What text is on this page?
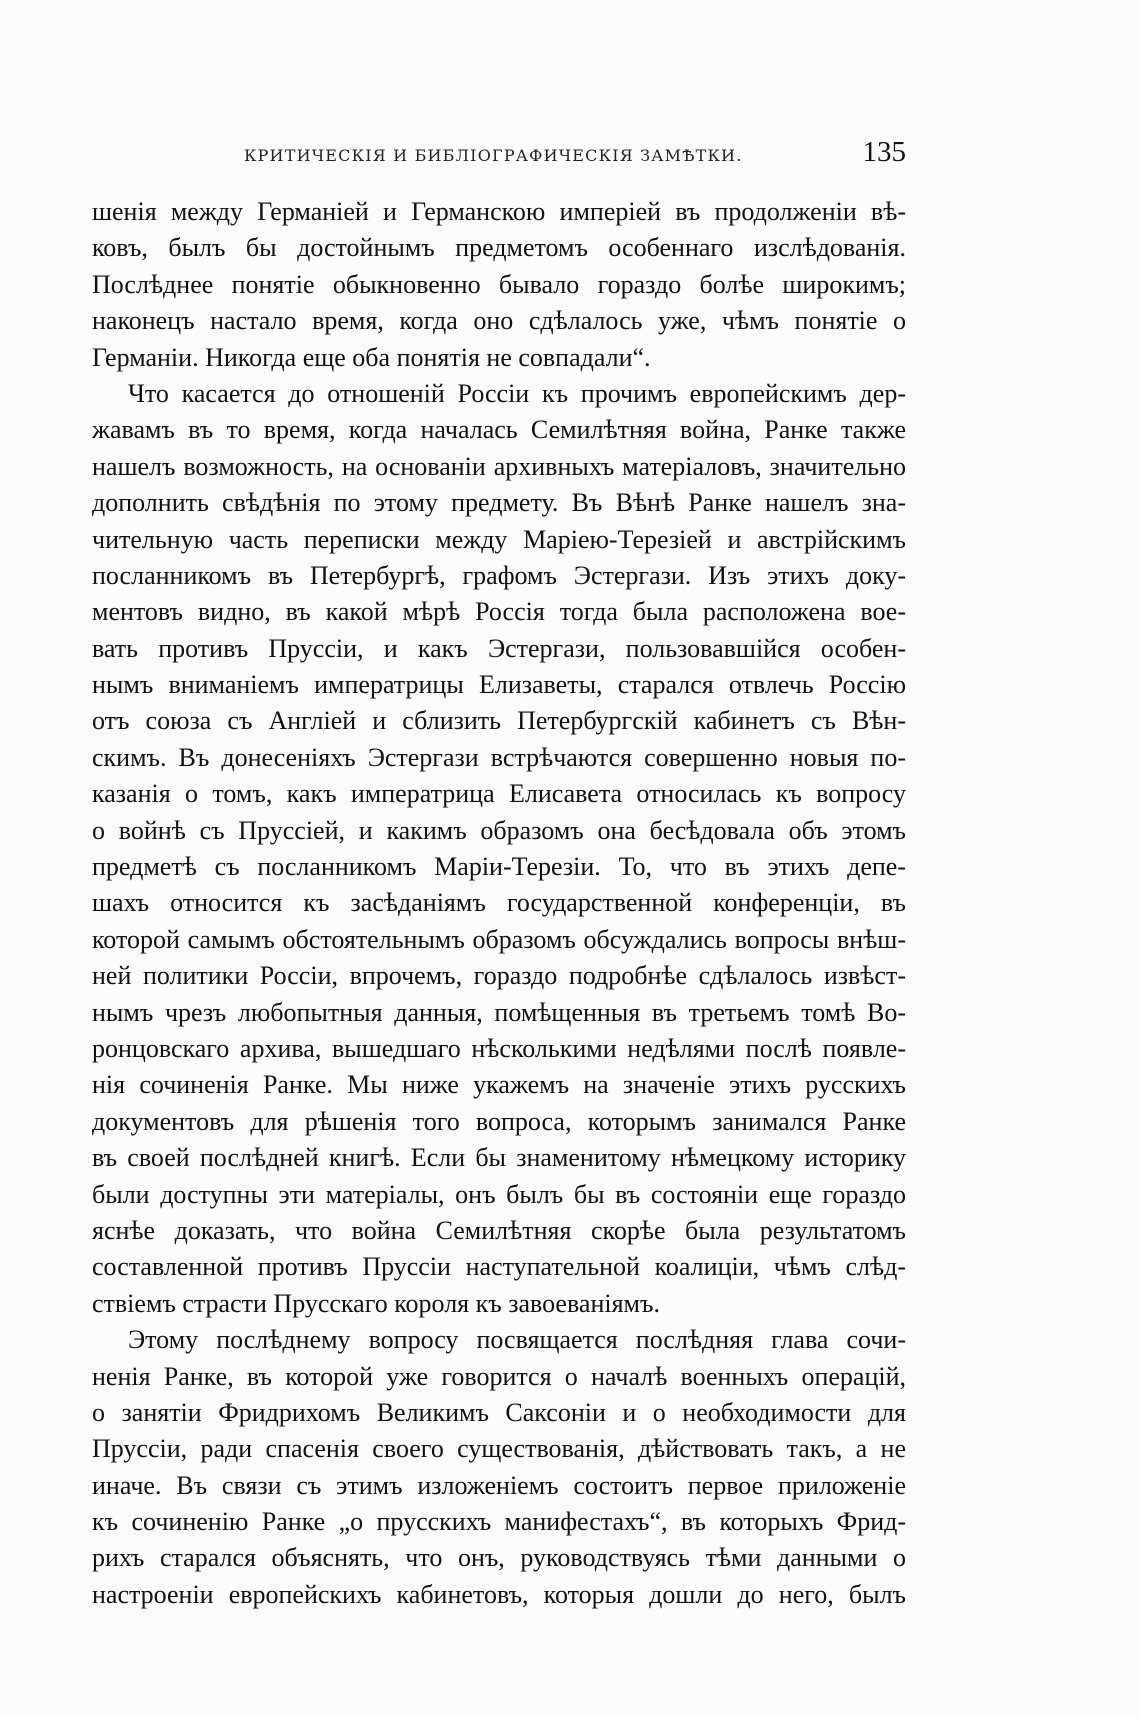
КРИТИЧЕСКІЯ И БИБЛІОГРАФИЧЕСКІЯ ЗАМѢТКИ.	135
шенія между Германіей и Германскою имперіей въ продолженіи вѣ-
ковъ, былъ бы достойнымъ предметомъ особеннаго изслѣдованія.
Послѣднее понятіе обыкновенно бывало гораздо болѣе широкимъ;
наконецъ настало время, когда оно сдѣлалось уже, чѣмъ понятіе о
Германіи. Никогда еще оба понятія не совпадали“.
Что касается до отношеній Россіи къ прочимъ европейскимъ дер-
жавамъ въ то время, когда началась Семилѣтняя война, Ранке также
нашелъ возможность, на основаніи архивныхъ матеріаловъ, значительно
дополнить свѣдѣнія по этому предмету. Въ Вѣнѣ Ранке нашелъ зна-
чительную часть переписки между Маріею-Терезіей и австрійскимъ
посланникомъ въ Петербургѣ, графомъ Эстергази. Изъ этихъ доку-
ментовъ видно, въ какой мѣрѣ Россія тогда была расположена вое-
вать противъ Пруссіи, и какъ Эстергази, пользовавшійся особен-
нымъ вниманіемъ императрицы Елизаветы, старался отвлечь Россію
отъ союза съ Англіей и сблизить Петербургскій кабинетъ съ Вѣн-
скимъ. Въ донесеніяхъ Эстергази встрѣчаются совершенно новыя по-
казанія о томъ, какъ императрица Елисавета относилась къ вопросу
о войнѣ съ Пруссіей, и какимъ образомъ она бесѣдовала объ этомъ
предметѣ съ посланникомъ Маріи-Терезіи. То, что въ этихъ депе-
шахъ относится къ засѣданіямъ государственной конференціи, въ
которой самымъ обстоятельнымъ образомъ обсуждались вопросы внѣш-
ней политики Россіи, впрочемъ, гораздо подробнѣе сдѣлалось извѣст-
нымъ чрезъ любопытныя данныя, помѣщенныя въ третьемъ томѣ Во-
ронцовскаго архива, вышедшаго нѣсколькими недѣлями послѣ появле-
нія сочиненія Ранке. Мы ниже укажемъ на значеніе этихъ русскихъ
документовъ для рѣшенія того вопроса, которымъ занимался Ранке
въ своей послѣдней книгѣ. Если бы знаменитому нѣмецкому историку
были доступны эти матеріалы, онъ былъ бы въ состояніи еще гораздо
яснѣе доказать, что война Семилѣтняя скорѣе была результатомъ
составленной противъ Пруссіи наступательной коалиціи, чѣмъ слѣд-
ствіемъ страсти Прусскаго короля къ завоеваніямъ.
Этому послѣднему вопросу посвящается послѣдняя глава сочи-
ненія Ранке, въ которой уже говорится о началѣ военныхъ операцій,
о занятіи Фридрихомъ Великимъ Саксоніи и о необходимости для
Пруссіи, ради спасенія своего существованія, дѣйствовать такъ, а не
иначе. Въ связи съ этимъ изложеніемъ состоитъ первое приложеніе
къ сочиненію Ранке „о прусскихъ манифестахъ“, въ которыхъ Фрид-
рихъ старался объяснять, что онъ, руководствуясь тѣми данными о
настроеніи европейскихъ кабинетовъ, которыя дошли до него, былъ
